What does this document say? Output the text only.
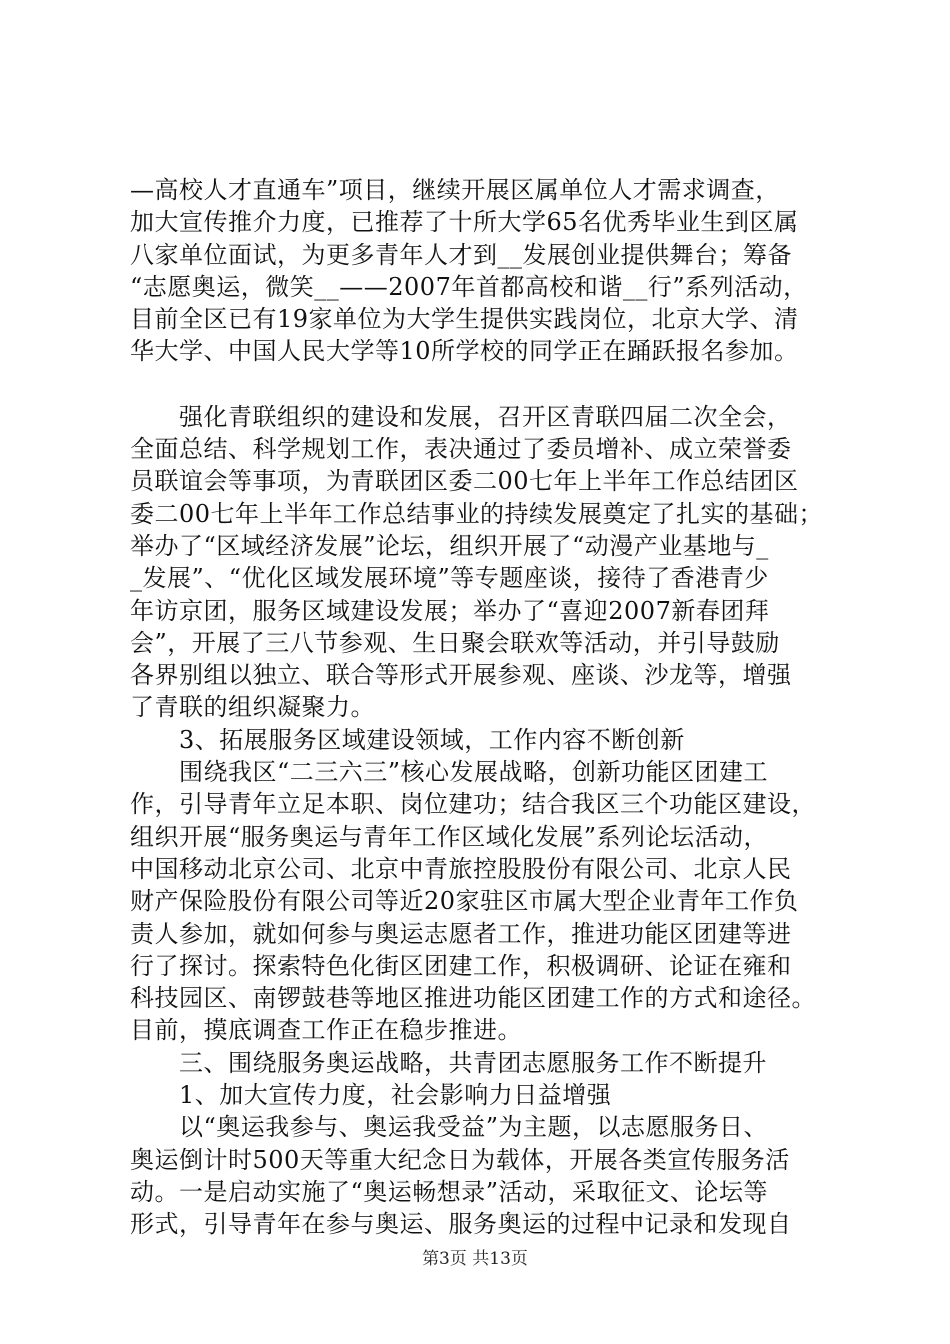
—高校人才直通车”项目，继续开展区属单位人才需求调查，
加大宣传推介力度，已推荐了十所大学65名优秀毕业生到区属
八家单位面试，为更多青年人才到__发展创业提供舞台；筹备
“志愿奥运，微笑__——2007年首都高校和谐__行”系列活动，
目前全区已有19家单位为大学生提供实践岗位，北京大学、清
华大学、中国人民大学等10所学校的同学正在踊跃报名参加。
　　强化青联组织的建设和发展，召开区青联四届二次全会，
全面总结、科学规划工作，表决通过了委员增补、成立荣誉委
员联谊会等事项，为青联团区委二00七年上半年工作总结团区
委二00七年上半年工作总结事业的持续发展奠定了扎实的基础；
举办了“区域经济发展”论坛，组织开展了“动漫产业基地与_
_发展”、“优化区域发展环境”等专题座谈，接待了香港青少
年访京团，服务区域建设发展；举办了“喜迎2007新春团拜
会”，开展了三八节参观、生日聚会联欢等活动，并引导鼓励
各界别组以独立、联合等形式开展参观、座谈、沙龙等，增强
了青联的组织凝聚力。
　　3、拓展服务区域建设领域，工作内容不断创新
　　围绕我区“二三六三”核心发展战略，创新功能区团建工
作，引导青年立足本职、岗位建功；结合我区三个功能区建设，
组织开展“服务奥运与青年工作区域化发展”系列论坛活动，
中国移动北京公司、北京中青旅控股股份有限公司、北京人民
财产保险股份有限公司等近20家驻区市属大型企业青年工作负
责人参加，就如何参与奥运志愿者工作，推进功能区团建等进
行了探讨。探索特色化街区团建工作，积极调研、论证在雍和
科技园区、南锣鼓巷等地区推进功能区团建工作的方式和途径。
目前，摸底调查工作正在稳步推进。
　　三、围绕服务奥运战略，共青团志愿服务工作不断提升
　　1、加大宣传力度，社会影响力日益增强
　　以“奥运我参与、奥运我受益”为主题，以志愿服务日、
奥运倒计时500天等重大纪念日为载体，开展各类宣传服务活
动。一是启动实施了“奥运畅想录”活动，采取征文、论坛等
形式，引导青年在参与奥运、服务奥运的过程中记录和发现自
第3页 共13页
